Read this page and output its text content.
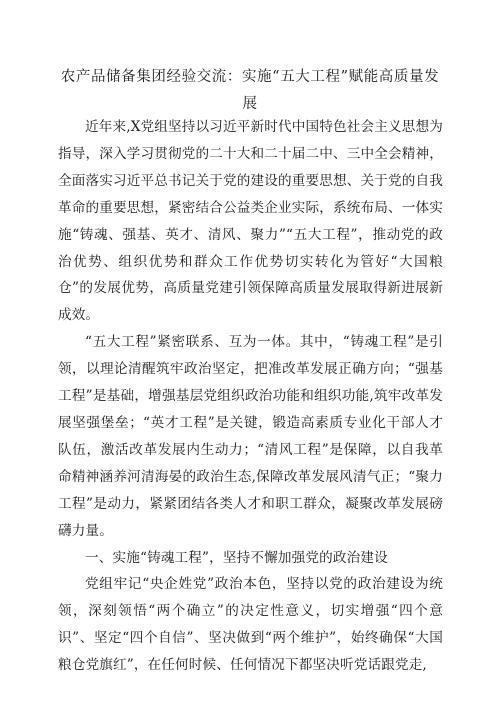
农产品储备集团经验交流：实施“五大工程”赋能高质量发展

近年来,X党组坚持以习近平新时代中国特色社会主义思想为指导，深入学习贯彻党的二十大和二十届二中、三中全会精神，全面落实习近平总书记关于党的建设的重要思想、关于党的自我革命的重要思想，紧密结合公益类企业实际，系统布局、一体实施“铸魂、强基、英才、清风、聚力”“五大工程”，推动党的政治优势、组织优势和群众工作优势切实转化为管好“大国粮仓”的发展优势，高质量党建引领保障高质量发展取得新进展新成效。

“五大工程”紧密联系、互为一体。其中，“铸魂工程”是引领，以理论清醒筑牢政治坚定，把准改革发展正确方向；“强基工程”是基础，增强基层党组织政治功能和组织功能,筑牢改革发展坚强堡垒；“英才工程”是关键，锻造高素质专业化干部人才队伍，激活改革发展内生动力；“清风工程”是保障，以自我革命精神涵养河清海晏的政治生态,保障改革发展风清气正；“聚力工程”是动力，紧紧团结各类人才和职工群众，凝聚改革发展磅礴力量。

一、实施“铸魂工程”，坚持不懈加强党的政治建设

党组牢记“央企姓党”政治本色，坚持以党的政治建设为统领，深刻领悟“两个确立”的决定性意义，切实增强“四个意识”、坚定“四个自信”、坚决做到“两个维护”，始终确保“大国粮仓党旗红”，在任何时候、任何情况下都坚决听党话跟党走,
